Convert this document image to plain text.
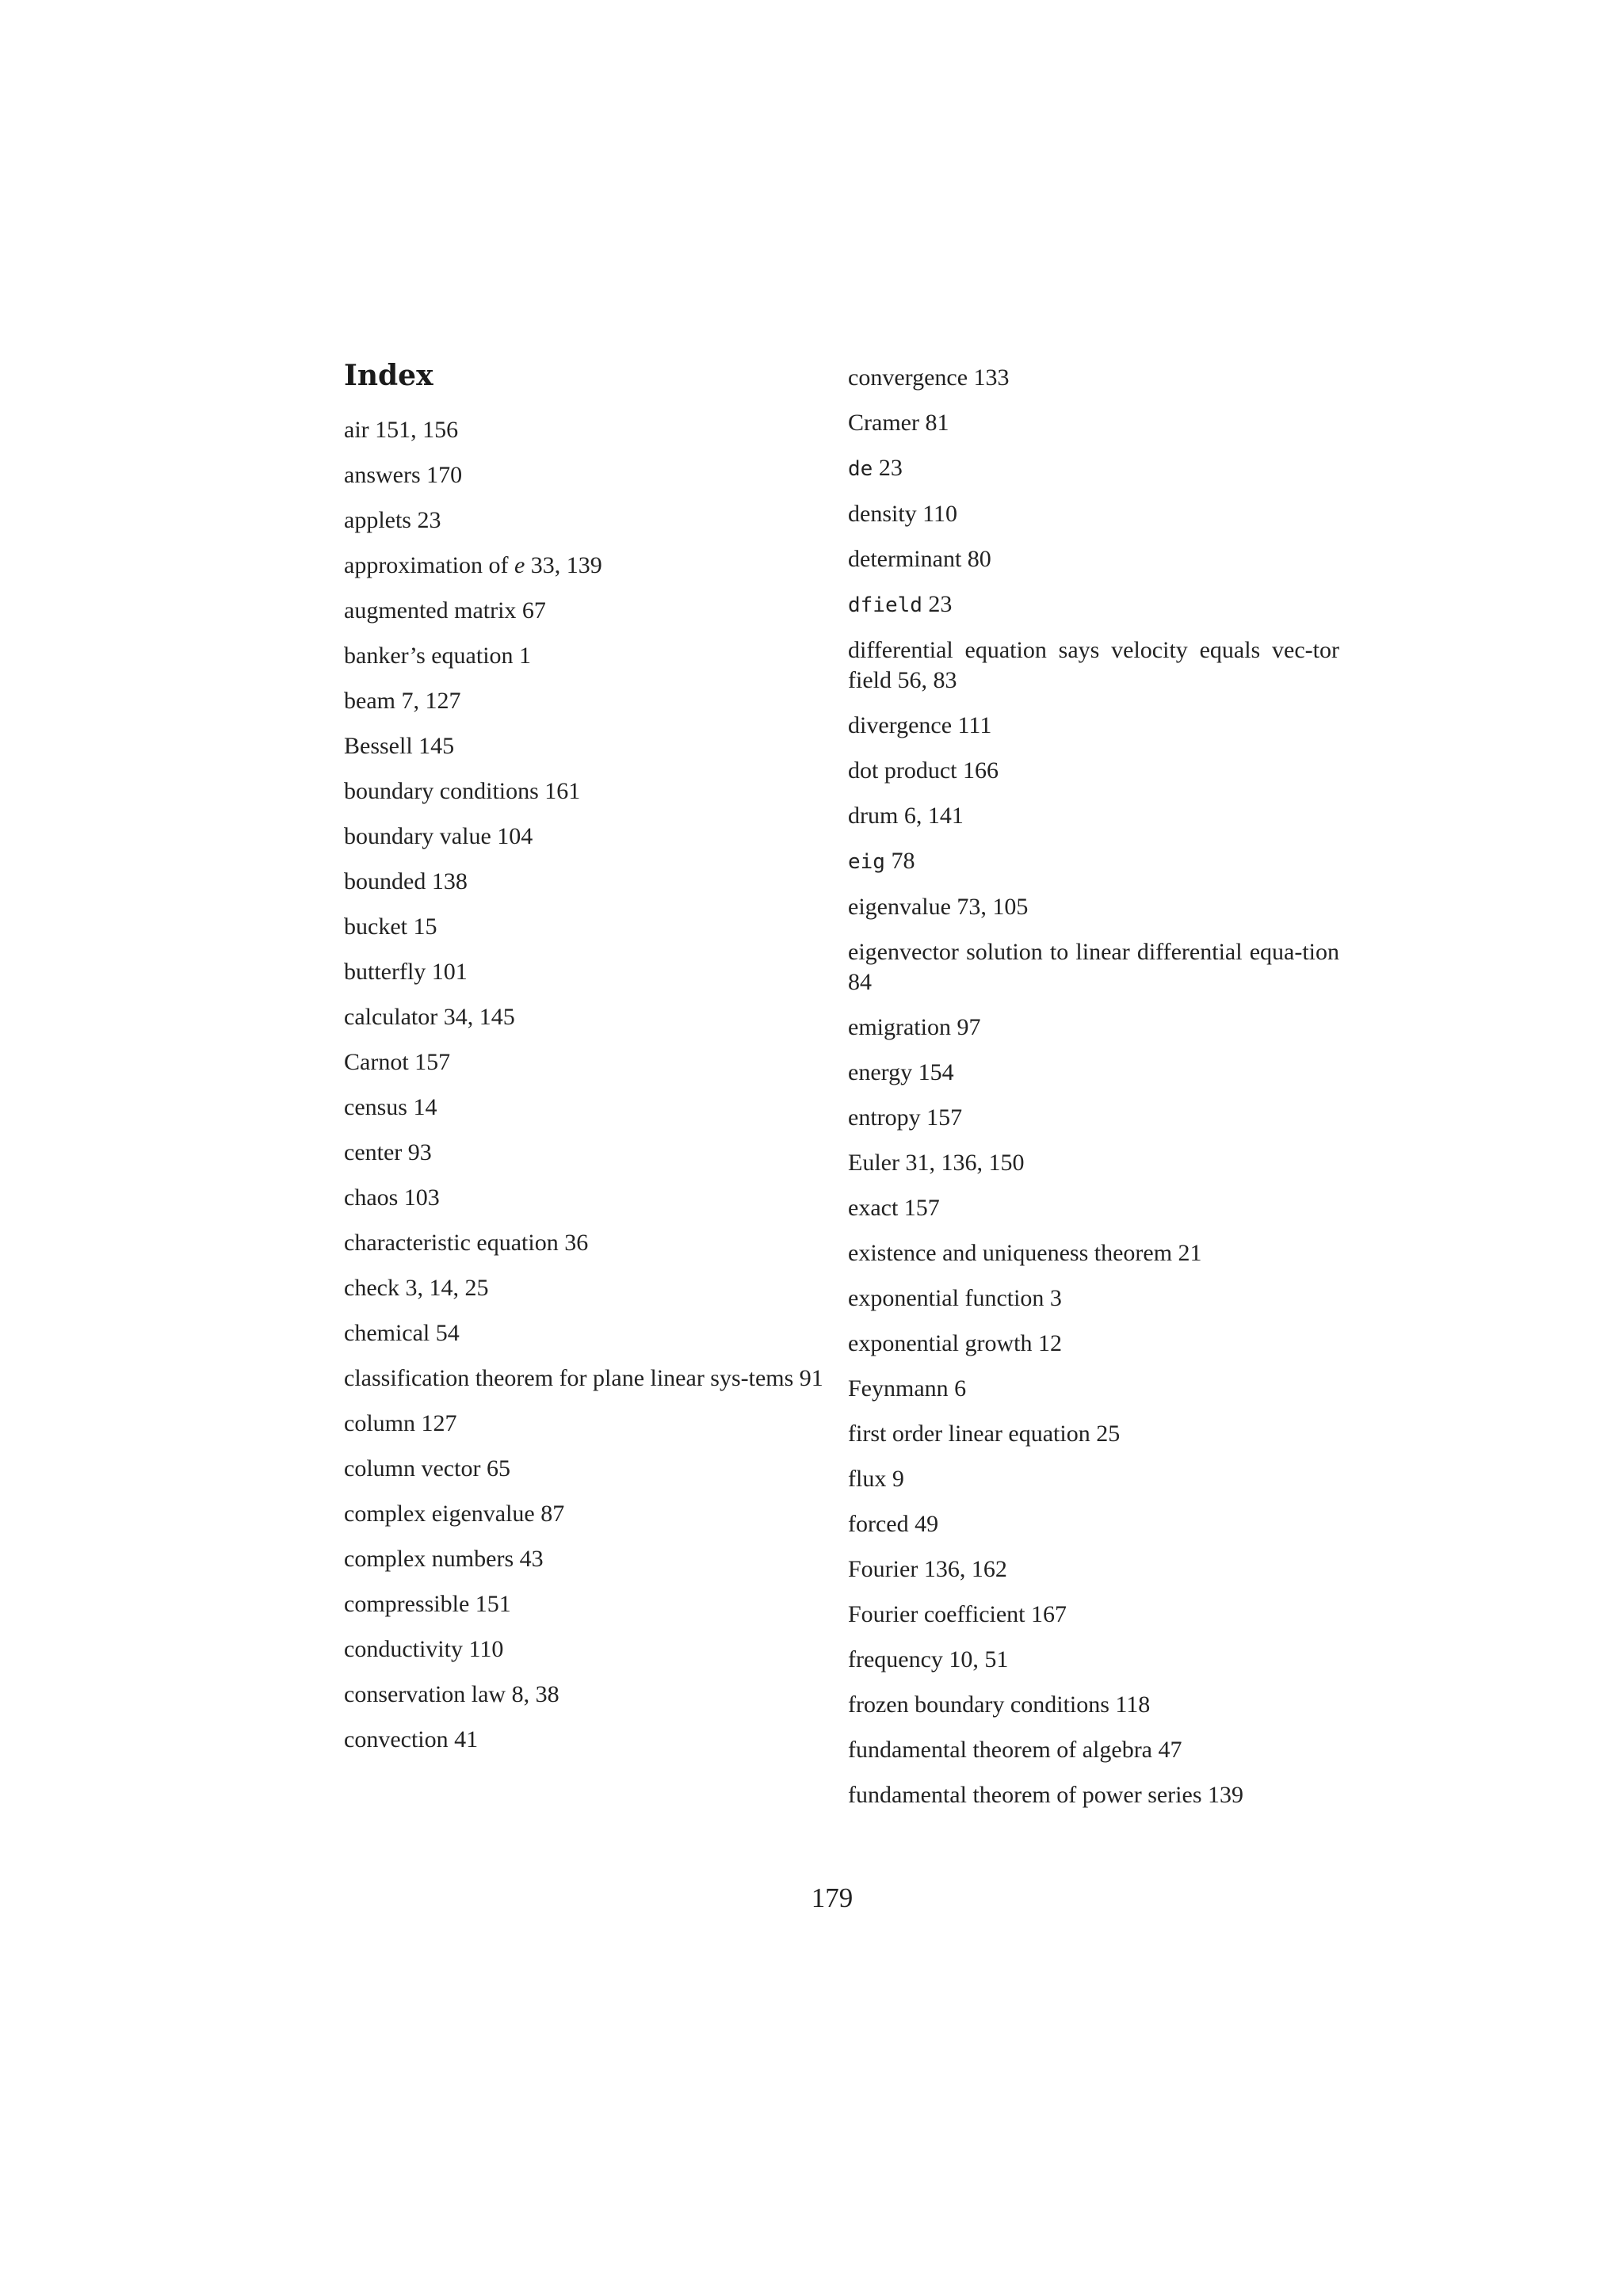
Index
air 151, 156
answers 170
applets 23
approximation of e 33, 139
augmented matrix 67
banker’s equation 1
beam 7, 127
Bessell 145
boundary conditions 161
boundary value 104
bounded 138
bucket 15
butterfly 101
calculator 34, 145
Carnot 157
census 14
center 93
chaos 103
characteristic equation 36
check 3, 14, 25
chemical 54
classification theorem for plane linear sys-tems 91
column 127
column vector 65
complex eigenvalue 87
complex numbers 43
compressible 151
conductivity 110
conservation law 8, 38
convection 41
convergence 133
Cramer 81
de 23
density 110
determinant 80
dfield 23
differential equation says velocity equals vec-tor field 56, 83
divergence 111
dot product 166
drum 6, 141
eig 78
eigenvalue 73, 105
eigenvector solution to linear differential equa-tion 84
emigration 97
energy 154
entropy 157
Euler 31, 136, 150
exact 157
existence and uniqueness theorem 21
exponential function 3
exponential growth 12
Feynmann 6
first order linear equation 25
flux 9
forced 49
Fourier 136, 162
Fourier coefficient 167
frequency 10, 51
frozen boundary conditions 118
fundamental theorem of algebra 47
fundamental theorem of power series 139
179
